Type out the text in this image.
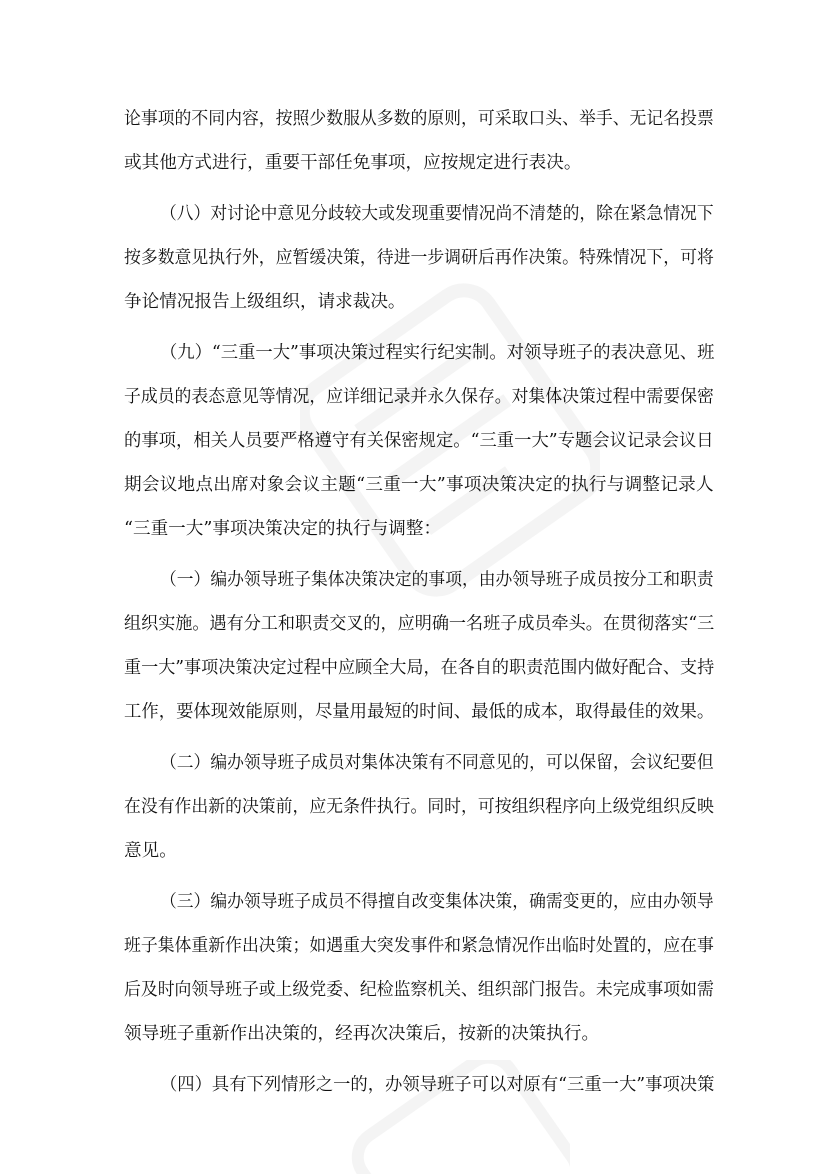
论事项的不同内容，按照少数服从多数的原则，可采取口头、举手、无记名投票
或其他方式进行，重要干部任免事项，应按规定进行表决。
（八）对讨论中意见分歧较大或发现重要情况尚不清楚的，除在紧急情况下
按多数意见执行外，应暂缓决策，待进一步调研后再作决策。特殊情况下，可将
争论情况报告上级组织，请求裁决。
（九）“三重一大”事项决策过程实行纪实制。对领导班子的表决意见、班
子成员的表态意见等情况，应详细记录并永久保存。对集体决策过程中需要保密
的事项，相关人员要严格遵守有关保密规定。“三重一大”专题会议记录会议日
期会议地点出席对象会议主题“三重一大”事项决策决定的执行与调整记录人
“三重一大”事项决策决定的执行与调整：
（一）编办领导班子集体决策决定的事项，由办领导班子成员按分工和职责
组织实施。遇有分工和职责交叉的，应明确一名班子成员牵头。在贯彻落实“三
重一大”事项决策决定过程中应顾全大局，在各自的职责范围内做好配合、支持
工作，要体现效能原则，尽量用最短的时间、最低的成本，取得最佳的效果。
（二）编办领导班子成员对集体决策有不同意见的，可以保留，会议纪要但
在没有作出新的决策前，应无条件执行。同时，可按组织程序向上级党组织反映
意见。
（三）编办领导班子成员不得擅自改变集体决策，确需变更的，应由办领导
班子集体重新作出决策；如遇重大突发事件和紧急情况作出临时处置的，应在事
后及时向领导班子或上级党委、纪检监察机关、组织部门报告。未完成事项如需
领导班子重新作出决策的，经再次决策后，按新的决策执行。
（四）具有下列情形之一的，办领导班子可以对原有“三重一大”事项决策
